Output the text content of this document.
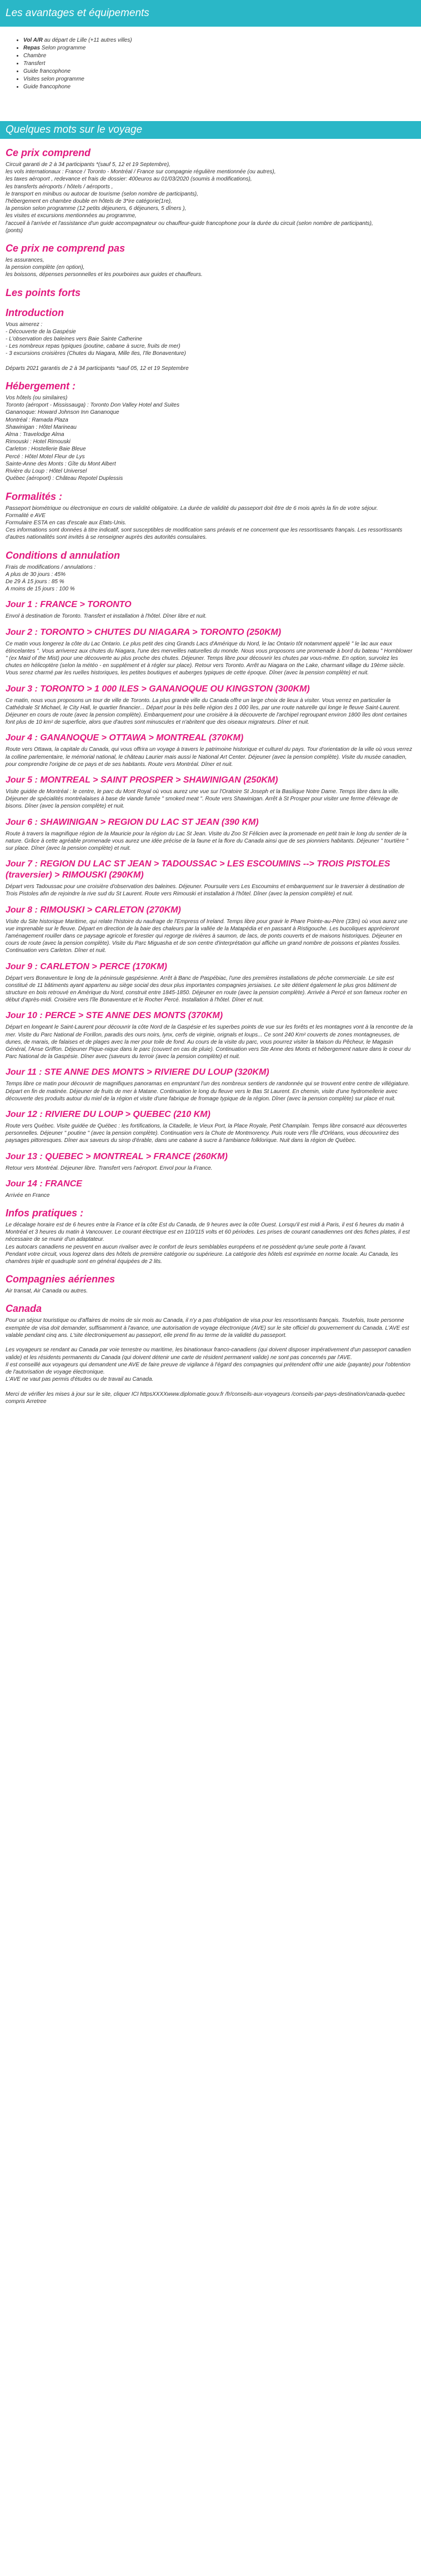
Les avantages et équipements
• Vol A/R au départ de Lille (+11 autres villes)
• Repas Selon programme
• Chambre
• Transfert
• Guide francophone
• Visites selon programme
• Guide francophone
Quelques mots sur le voyage
Ce prix comprend

Circuit garanti de 2 à 34 participants *(sauf 5, 12 et 19 Septembre),
les vols internationaux : France / Toronto - Montréal / France sur compagnie régulière mentionnée (ou autres),
les taxes aéroport , redevance et frais de dossier: 400euros au 01/03/2020 (soumis à modifications),
les transferts aéroports / hôtels / aéroports ,
le transport en minibus ou autocar de tourisme (selon nombre de participants),
l'hébergement en chambre double en hôtels de 3*ire catégorie(1re),
la pension selon programme (12 petits déjeuners, 6 déjeuners, 5 dîners ),
les visites et excursions mentionnées au programme,
l'accueil à l'arrivée et l'assistance d'un guide accompagnateur ou chauffeur-guide francophone pour la durée du circuit (selon nombre de participants),
(ponts)

Ce prix ne comprend pas

les assurances,
la pension complète (en option),
les boissons, dépenses personnelles et les pourboires aux guides et chauffeurs.

Les points forts
Introduction

Vous aimerez :
- Découverte de la Gaspésie
- L'observation des baleines vers Baie Sainte Catherine
- Les nombreux repas typiques (poutine, cabane à sucre, fruits de mer)
- 3 excursions croisières (Chutes du Niagara, Mille Iles, l'Ile Bonaventure)

Départs 2021 garantis de 2 à 34 participants *sauf 05, 12 et 19 Septembre

Hébergement :

Vos hôtels (ou similaires)
Toronto (aéroport - Mississauga) : Toronto Don Valley Hotel and Suites
Gananoque: Howard Johnson Inn Gananoque
Montréal : Ramada Plaza
Shawinigan : Hôtel Marineau
Alma : Travelodge Alma
Rimouski : Hotel Rimouski
Carleton : Hostellerie Baie Bleue
Percé : Hôtel Motel Fleur de Lys
Sainte-Anne des Monts : Gîte du Mont Albert
Rivière du Loup : Hôtel Universel
Québec (aéroport) : Château Repotel Duplessis

Formalités :

Passeport biométrique ou électronique en cours de validité obligatoire. La durée de validité du passeport doit être de 6 mois après la fin de votre séjour.
Formalité e AVE
Formulaire ESTA en cas d'escale aux Etats-Unis.
Ces informations sont données à titre indicatif, sont susceptibles de modification sans préavis et ne concernent que les ressortissants français. Les ressortissants d'autres nationalités sont invités à se renseigner auprès des autorités consulaires.

Conditions d annulation

Frais de modifications / annulations :
A plus de 30 jours : 45%
De 29 À 15 jours : 85 %
A moins de 15 jours : 100 %

Jour 1 : FRANCE > TORONTO

Envol à destination de Toronto. Transfert et installation à l'hôtel. Dîner libre et nuit.

Jour 2 : TORONTO > CHUTES DU NIAGARA > TORONTO (250KM)

Ce matin vous longerez la côte du Lac Ontario. Le plus petit des cinq Grands Lacs d'Amérique du Nord, le lac Ontario tôt notamment appelé " le lac aux eaux étincelantes ". Vous arriverez aux chutes du Niagara, l'une des merveilles naturelles du monde. Nous vous proposons une promenade à bord du bateau " Hornblower " (ex Maid of the Mist) pour une découverte au plus proche des chutes. Déjeuner. Temps libre pour découvrir les chutes par vous-même. En option, survolez les chutes en hélicoptère (selon la météo - en supplément et à régler sur place). Retour vers Toronto. Arrêt au Niagara on the Lake, charmant village du 19ème siècle. Vous serez charmé par les ruelles historiques, les petites boutiques et auberges typiques de cette époque. Dîner (avec la pension complète) et nuit.

Jour 3 : TORONTO > 1 000 ILES > GANANOQUE OU KINGSTON (300KM)

Ce matin, nous vous proposons un tour de ville de Toronto. La plus grande ville du Canada offre un large choix de lieux à visiter. Vous verrez en particulier la Cathédrale St Michael, le City Hall, le quartier financier... Départ pour la très belle région des 1 000 îles, par une route naturelle qui longe le fleuve Saint-Laurent. Déjeuner en cours de route (avec la pension complète). Embarquement pour une croisière à la découverte de l'archipel regroupant environ 1800 îles dont certaines font plus de 10 km² de superficie, alors que d'autres sont minuscules et n'abritent que des oiseaux migrateurs. Dîner et nuit.

Jour 4 : GANANOQUE > OTTAWA > MONTREAL (370KM)

Route vers Ottawa, la capitale du Canada, qui vous offrira un voyage à travers le patrimoine historique et culturel du pays. Tour d'orientation de la ville où vous verrez la colline parlementaire, le mémorial national, le château Laurier mais aussi le National Art Center. Déjeuner (avec la pension complète). Visite du musée canadien, pour comprendre l'origine de ce pays et de ses habitants. Route vers Montréal. Dîner et nuit.

Jour 5 : MONTREAL > SAINT PROSPER > SHAWINIGAN (250KM)

Visite guidée de Montréal : le centre, le parc du Mont Royal où vous aurez une vue sur l'Oratoire St Joseph et la Basilique Notre Dame. Temps libre dans la ville. Déjeuner de spécialités montréalaises à base de viande fumée " smoked meat ". Route vers Shawinigan. Arrêt à St Prosper pour visiter une ferme d'élevage de bisons. Dîner (avec la pension complète) et nuit.

Jour 6 : SHAWINIGAN > REGION DU LAC ST JEAN (390 KM)

Route à travers la magnifique région de la Mauricie pour la région du Lac St Jean. Visite du Zoo St Félicien avec la promenade en petit train le long du sentier de la nature. Grâce à cette agréable promenade vous aurez une idée précise de la faune et la flore du Canada ainsi que de ses pionniers habitants. Déjeuner " tourtière " sur place. Dîner (avec la pension complète) et nuit.

Jour 7 : REGION DU LAC ST JEAN > TADOUSSAC > LES ESCOUMINS --> TROIS PISTOLES (traversier) > RIMOUSKI (290KM)

Départ vers Tadoussac pour une croisière d'observation des baleines. Déjeuner. Poursuite vers Les Escoumins et embarquement sur le traversier à destination de Trois Pistoles afin de rejoindre la rive sud du St Laurent. Route vers Rimouski et installation à l'hôtel. Dîner (avec la pension complète) et nuit.

Jour 8 : RIMOUSKI > CARLETON (270KM)

Visite du Site historique Maritime, qui relate l'histoire du naufrage de l'Empress of Ireland. Temps libre pour gravir le Phare Pointe-au-Père (33m) où vous aurez une vue imprenable sur le fleuve. Départ en direction de la baie des chaleurs par la vallée de la Matapédia et en passant à Ristigouche. Les bucoliques apprécieront l'aménagement rouiller dans ce paysage agricole et forestier qui regorge de rivières à saumon, de lacs, de ponts couverts et de maisons historiques. Déjeuner en cours de route (avec la pension complète). Visite du Parc Miguasha et de son centre d'interprétation qui affiche un grand nombre de poissons et plantes fossiles. Continuation vers Carleton. Dîner et nuit.

Jour 9 : CARLETON > PERCE (170KM)

Départ vers Bonaventure le long de la péninsule gaspésienne. Arrêt à Banc de Paspébiac, l'une des premières installations de pêche commerciale. Le site est constitué de 11 bâtiments ayant appartenu au siège social des deux plus importantes compagnies jersiaises. Le site détient également le plus gros bâtiment de structure en bois retrouvé en Amérique du Nord, construit entre 1845-1850. Déjeuner en route (avec la pension complète). Arrivée à Percé et son fameux rocher en début d'après-midi. Croisière vers l'île Bonaventure et le Rocher Percé. Installation à l'hôtel. Dîner et nuit.

Jour 10 : PERCE > STE ANNE DES MONTS (370KM)

Départ en longeant le Saint-Laurent pour découvrir la côte Nord de la Gaspésie et les superbes points de vue sur les forêts et les montagnes vont à la rencontre de la mer. Visite du Parc National de Forillon, paradis des ours noirs, lynx, cerfs de virginie, orignals et loups... Ce sont 240 Km² couverts de zones montagneuses, de dunes, de marais, de falaises et de plages avec la mer pour toile de fond. Au cours de la visite du parc, vous pourrez visiter la Maison du Pêcheur, le Magasin Général, l'Anse Griffon. Déjeuner Pique-nique dans le parc (couvert en cas de pluie). Continuation vers Ste Anne des Monts et hébergement nature dans le coeur du Parc National de la Gaspésie. Dîner avec (saveurs du terroir (avec la pension complète) et nuit.

Jour 11 : STE ANNE DES MONTS > RIVIERE DU LOUP (320KM)

Temps libre ce matin pour découvrir de magnifiques panoramas en empruntant l'un des nombreux sentiers de randonnée qui se trouvent entre centre de villégiature. Départ en fin de matinée. Déjeuner de fruits de mer à Matane. Continuation le long du fleuve vers le Bas St Laurent. En chemin, visite d'une hydromellerie avec découverte des produits autour du miel de la région et visite d'une fabrique de fromage typique de la région. Dîner (avec la pension complète) sur place et nuit.

Jour 12 : RIVIERE DU LOUP > QUEBEC (210 KM)

Route vers Québec. Visite guidée de Québec : les fortifications, la Citadelle, le Vieux Port, la Place Royale, Petit Champlain. Temps libre consacré aux découvertes personnelles. Déjeuner " poutine " (avec la pension complète). Continuation vers la Chute de Montmorency. Puis route vers l'Île d'Orléans, vous découvrirez des paysages pittoresques. Dîner aux saveurs du sirop d'érable, dans une cabane à sucre à l'ambiance folklorique. Nuit dans la région de Québec.

Jour 13 : QUEBEC > MONTREAL > FRANCE (260KM)

Retour vers Montréal. Déjeuner libre. Transfert vers l'aéroport. Envol pour la France.

Jour 14 : FRANCE

Arrivée en France

Infos pratiques :

Le décalage horaire est de 6 heures entre la France et la côte Est du Canada, de 9 heures avec la côte Ouest. Lorsqu'il est midi à Paris, il est 6 heures du matin à Montréal et 3 heures du matin à Vancouver. Le courant électrique est en 110/115 volts et 60 périodes. Les prises de courant canadiennes ont des fiches plates, il est nécessaire de se munir d'un adaptateur.
Les autocars canadiens ne peuvent en aucun rivaliser avec le confort de leurs semblables européens et ne possèdent qu'une seule porte à l'avant.
Pendant votre circuit, vous logerez dans des hôtels de première catégorie ou supérieure. La catégorie des hôtels est exprimée en norme locale. Au Canada, les chambres triple et quadruple sont en général équipées de 2 lits.

Compagnies aériennes

Air transat, Air Canada ou autres.

Canada

Pour un séjour touristique ou d'affaires de moins de six mois au Canada, il n'y a pas d'obligation de visa pour les ressortissants français. Toutefois, toute personne exemptée de visa doit demander, suffisamment à l'avance, une autorisation de voyage électronique (AVE) sur le site officiel du gouvernement du Canada. L'AVE est valable pendant cinq ans. L'site électroniquement au passeport, elle prend fin au terme de la validité du passeport.

Les voyageurs se rendant au Canada par voie terrestre ou maritime, les binationaux franco-canadiens (qui doivent disposer impérativement d'un passeport canadien valide) et les résidents permanents du Canada (qui doivent détenir une carte de résident permanent valide) ne sont pas concernés par l'AVE.
Il est conseillé aux voyageurs qui demandent une AVE de faire preuve de vigilance à l'égard des compagnies qui prétendent offrir une aide (payante) pour l'obtention de l'autorisation de voyage électronique.
L'AVE ne vaut pas permis d'études ou de travail au Canada.

Merci de vérifier les mises à jour sur le site, cliquer ICI httpsXXXXwww.diplomatie.gouv.fr /fr/conseils-aux-voyageurs /conseils-par-pays-destination/canada-quebec compris Arretree
